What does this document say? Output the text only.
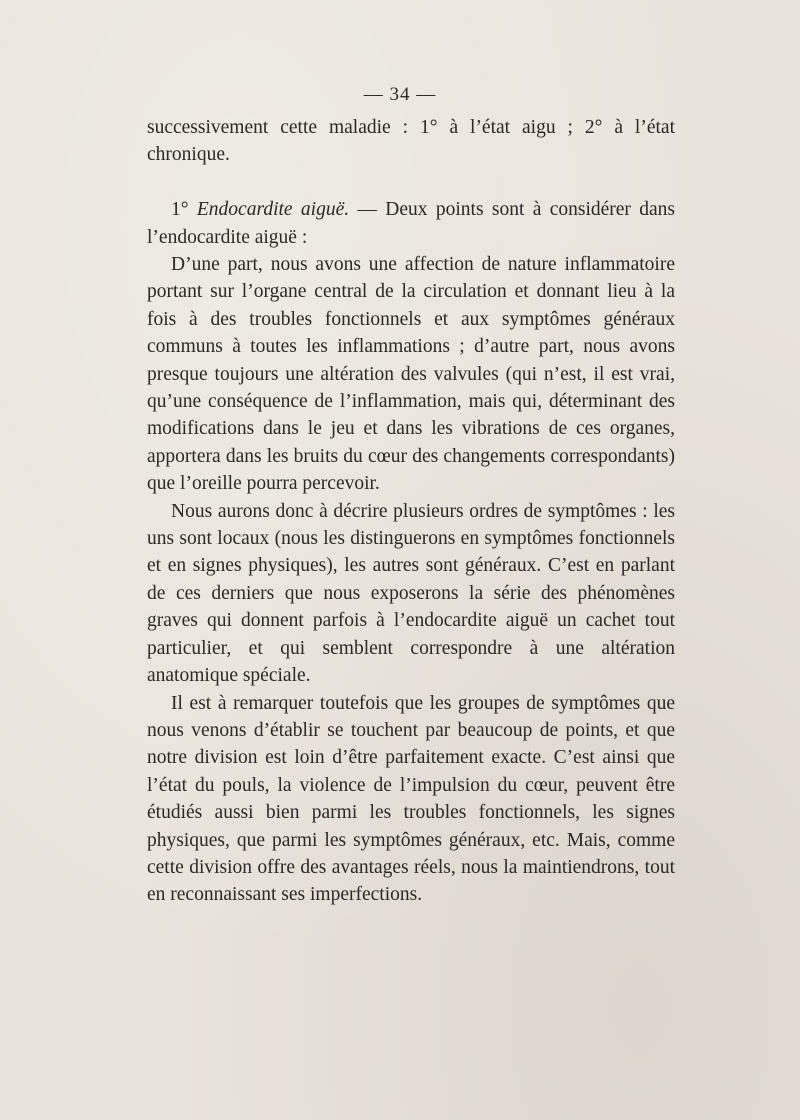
— 34 —

successivement cette maladie : 1° à l’état aigu ; 2° à l’état chronique.

1° Endocardite aiguë. — Deux points sont à considérer dans l’endocardite aiguë :

D’une part, nous avons une affection de nature inflammatoire portant sur l’organe central de la circulation et donnant lieu à la fois à des troubles fonctionnels et aux symptômes généraux communs à toutes les inflammations ; d’autre part, nous avons presque toujours une altération des valvules (qui n’est, il est vrai, qu’une conséquence de l’inflammation, mais qui, déterminant des modifications dans le jeu et dans les vibrations de ces organes, apportera dans les bruits du cœur des changements correspondants) que l’oreille pourra percevoir.

Nous aurons donc à décrire plusieurs ordres de symptômes : les uns sont locaux (nous les distinguerons en symptômes fonctionnels et en signes physiques), les autres sont généraux. C’est en parlant de ces derniers que nous exposerons la série des phénomènes graves qui donnent parfois à l’endocardite aiguë un cachet tout particulier, et qui semblent correspondre à une altération anatomique spéciale.

Il est à remarquer toutefois que les groupes de symptômes que nous venons d’établir se touchent par beaucoup de points, et que notre division est loin d’être parfaitement exacte. C’est ainsi que l’état du pouls, la violence de l’impulsion du cœur, peuvent être étudiés aussi bien parmi les troubles fonctionnels, les signes physiques, que parmi les symptômes généraux, etc. Mais, comme cette division offre des avantages réels, nous la maintiendrons, tout en reconnaissant ses imperfections.
